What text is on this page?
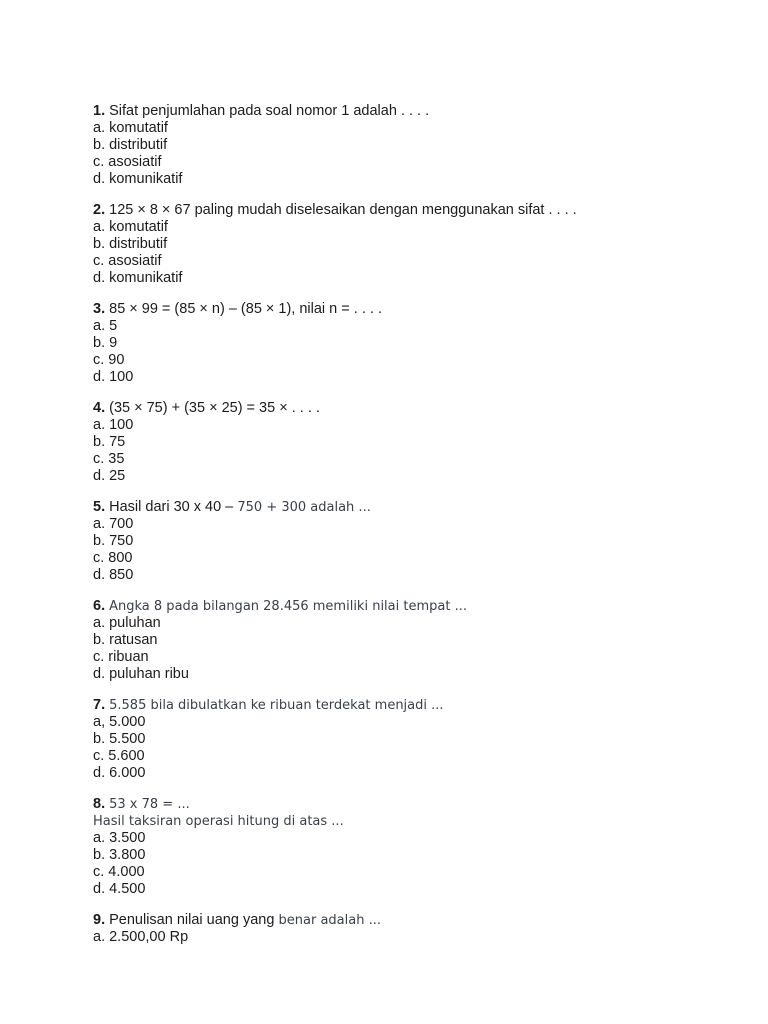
1. Sifat penjumlahan pada soal nomor 1 adalah . . . .
a. komutatif
b. distributif
c. asosiatif
d. komunikatif
2. 125 × 8 × 67 paling mudah diselesaikan dengan menggunakan sifat . . . .
a. komutatif
b. distributif
c. asosiatif
d. komunikatif
3. 85 × 99 = (85 × n) – (85 × 1), nilai n = . . . .
a. 5
b. 9
c. 90
d. 100
4. (35 × 75) + (35 × 25) = 35 × . . . .
a. 100
b. 75
c. 35
d. 25
5. Hasil dari 30 x 40 – 750 + 300 adalah ...
a. 700
b. 750
c. 800
d. 850
6. Angka 8 pada bilangan 28.456 memiliki nilai tempat ...
a. puluhan
b. ratusan
c. ribuan
d. puluhan ribu
7. 5.585 bila dibulatkan ke ribuan terdekat menjadi ...
a, 5.000
b. 5.500
c. 5.600
d. 6.000
8. 53 x 78 = ...
Hasil taksiran operasi hitung di atas ...
a. 3.500
b. 3.800
c. 4.000
d. 4.500
9. Penulisan nilai uang yang benar adalah ...
a. 2.500,00 Rp
